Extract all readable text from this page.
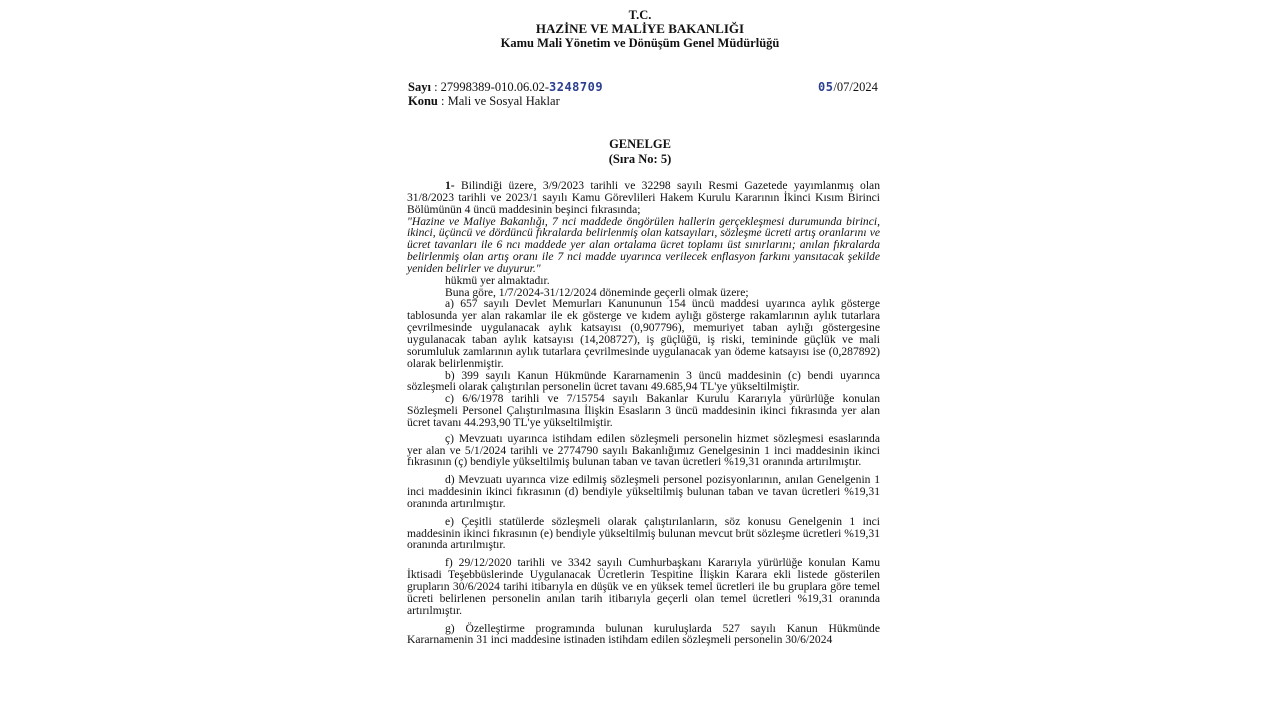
T.C.
HAZİNE VE MALİYE BAKANLIĞI
Kamu Mali Yönetim ve Dönüşüm Genel Müdürlüğü
Sayı : 27998389-010.06.02-3248709	05/07/2024
Konu : Mali ve Sosyal Haklar
GENELGE
(Sıra No: 5)

1- Bilindiği üzere, 3/9/2023 tarihli ve 32298 sayılı Resmi Gazetede yayımlanmış olan 31/8/2023 tarihli ve 2023/1 sayılı Kamu Görevlileri Hakem Kurulu Kararının İkinci Kısım Birinci Bölümünün 4 üncü maddesinin beşinci fıkrasında;

"Hazine ve Maliye Bakanlığı, 7 nci maddede öngörülen hallerin gerçekleşmesi durumunda birinci, ikinci, üçüncü ve dördüncü fıkralarda belirlenmiş olan katsayıları, sözleşme ücreti artış oranlarını ve ücret tavanları ile 6 ncı maddede yer alan ortalama ücret toplamı üst sınırlarını; anılan fıkralarda belirlenmiş olan artış oranı ile 7 nci madde uyarınca verilecek enflasyon farkını yansıtacak şekilde yeniden belirler ve duyurur."

hükmü yer almaktadır.

Buna göre, 1/7/2024-31/12/2024 döneminde geçerli olmak üzere;

a) 657 sayılı Devlet Memurları Kanununun 154 üncü maddesi uyarınca aylık gösterge tablosunda yer alan rakamlar ile ek gösterge ve kıdem aylığı gösterge rakamlarının aylık tutarlara çevrilmesinde uygulanacak aylık katsayısı (0,907796), memuriyet taban aylığı göstergesine uygulanacak taban aylık katsayısı (14,208727), iş güçlüğü, iş riski, temininde güçlük ve mali sorumluluk zamlarının aylık tutarlara çevrilmesinde uygulanacak yan ödeme katsayısı ise (0,287892) olarak belirlenmiştir.

b) 399 sayılı Kanun Hükmünde Kararnamenin 3 üncü maddesinin (c) bendi uyarınca sözleşmeli olarak çalıştırılan personelin ücret tavanı 49.685,94 TL'ye yükseltilmiştir.

c) 6/6/1978 tarihli ve 7/15754 sayılı Bakanlar Kurulu Kararıyla yürürlüğe konulan Sözleşmeli Personel Çalıştırılmasına İlişkin Esasların 3 üncü maddesinin ikinci fıkrasında yer alan ücret tavanı 44.293,90 TL'ye yükseltilmiştir.

ç) Mevzuatı uyarınca istihdam edilen sözleşmeli personelin hizmet sözleşmesi esaslarında yer alan ve 5/1/2024 tarihli ve 2774790 sayılı Bakanlığımız Genelgesinin 1 inci maddesinin ikinci fıkrasının (ç) bendiyle yükseltilmiş bulunan taban ve tavan ücretleri %19,31 oranında artırılmıştır.

d) Mevzuatı uyarınca vize edilmiş sözleşmeli personel pozisyonlarının, anılan Genelgenin 1 inci maddesinin ikinci fıkrasının (d) bendiyle yükseltilmiş bulunan taban ve tavan ücretleri %19,31 oranında artırılmıştır.

e) Çeşitli statülerde sözleşmeli olarak çalıştırılanların, söz konusu Genelgenin 1 inci maddesinin ikinci fıkrasının (e) bendiyle yükseltilmiş bulunan mevcut brüt sözleşme ücretleri %19,31 oranında artırılmıştır.

f) 29/12/2020 tarihli ve 3342 sayılı Cumhurbaşkanı Kararıyla yürürlüğe konulan Kamu İktisadi Teşebbüslerinde Uygulanacak Ücretlerin Tespitine İlişkin Karara ekli listede gösterilen grupların 30/6/2024 tarihi itibarıyla en düşük ve en yüksek temel ücretleri ile bu gruplara göre temel ücreti belirlenen personelin anılan tarih itibarıyla geçerli olan temel ücretleri %19,31 oranında artırılmıştır.

g) Özelleştirme programında bulunan kuruluşlarda 527 sayılı Kanun Hükmünde Kararnamenin 31 inci maddesine istinaden istihdam edilen sözleşmeli personelin 30/6/2024
